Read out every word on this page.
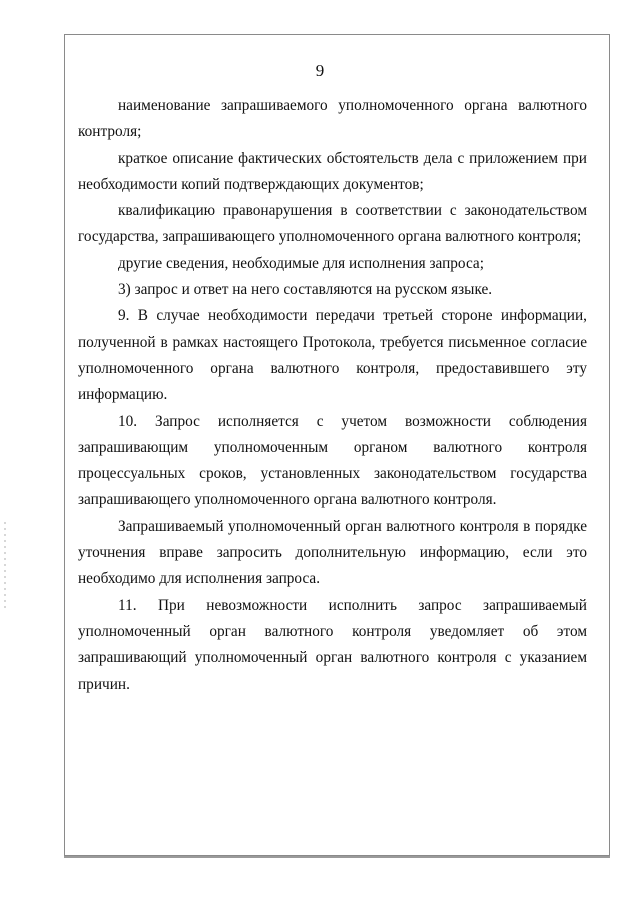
9

наименование запрашиваемого уполномоченного органа валютного контроля;

краткое описание фактических обстоятельств дела с приложением при необходимости копий подтверждающих документов;

квалификацию правонарушения в соответствии с законодательством государства, запрашивающего уполномоченного органа валютного контроля;

другие сведения, необходимые для исполнения запроса;

3) запрос и ответ на него составляются на русском языке.

9. В случае необходимости передачи третьей стороне информации, полученной в рамках настоящего Протокола, требуется письменное согласие уполномоченного органа валютного контроля, предоставившего эту информацию.

10. Запрос исполняется с учетом возможности соблюдения запрашивающим уполномоченным органом валютного контроля процессуальных сроков, установленных законодательством государства запрашивающего уполномоченного органа валютного контроля.

Запрашиваемый уполномоченный орган валютного контроля в порядке уточнения вправе запросить дополнительную информацию, если это необходимо для исполнения запроса.

11. При невозможности исполнить запрос запрашиваемый уполномоченный орган валютного контроля уведомляет об этом запрашивающий уполномоченный орган валютного контроля с указанием причин.
